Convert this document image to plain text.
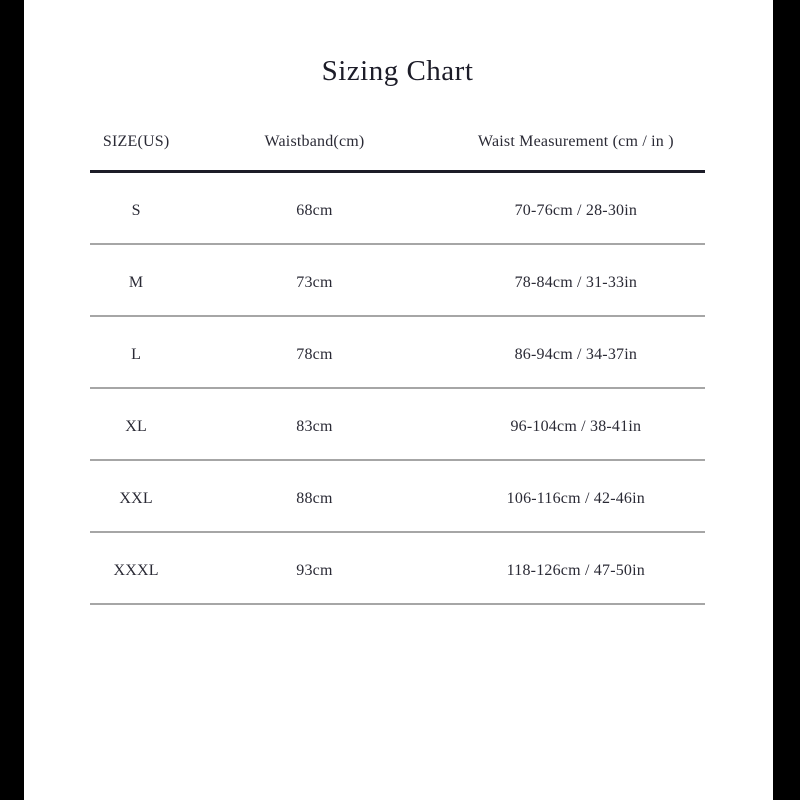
Sizing Chart
SIZE(US)	Waistband(cm)	Waist Measurement (cm / in )
S	68cm	70-76cm / 28-30in
M	73cm	78-84cm / 31-33in
L	78cm	86-94cm / 34-37in
XL	83cm	96-104cm / 38-41in
XXL	88cm	106-116cm / 42-46in
XXXL	93cm	118-126cm / 47-50in
